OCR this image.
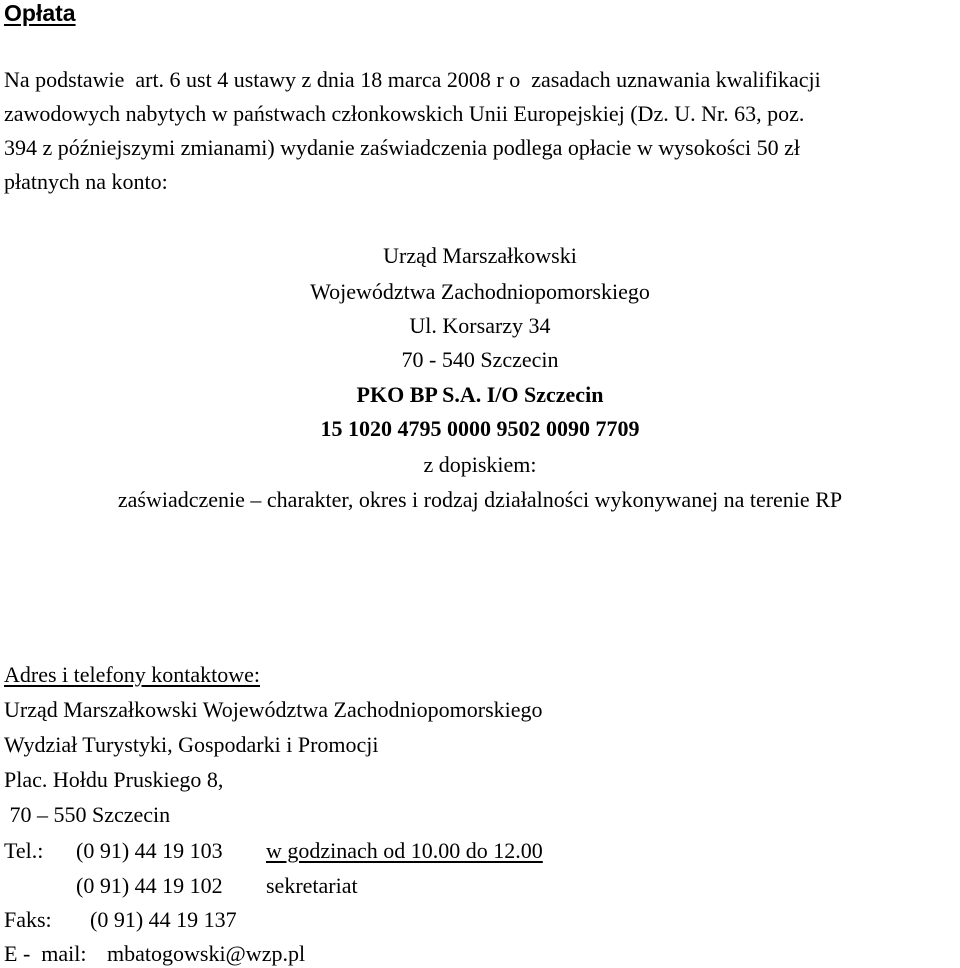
Opłata
Na podstawie  art. 6 ust 4 ustawy z dnia 18 marca 2008 r o  zasadach uznawania kwalifikacji
zawodowych nabytych w państwach członkowskich Unii Europejskiej (Dz. U. Nr. 63, poz.
394 z późniejszymi zmianami) wydanie zaświadczenia podlega opłacie w wysokości 50 zł
płatnych na konto:
Urząd Marszałkowski
Województwa Zachodniopomorskiego
Ul. Korsarzy 34
70 - 540 Szczecin
PKO BP S.A. I/O Szczecin
15 1020 4795 0000 9502 0090 7709
z dopiskiem:
zaświadczenie – charakter, okres i rodzaj działalności wykonywanej na terenie RP
Adres i telefony kontaktowe:
Urząd Marszałkowski Województwa Zachodniopomorskiego
Wydział Turystyki, Gospodarki i Promocji
Plac. Hołdu Pruskiego 8,
70 – 550 Szczecin
Tel.: (0 91) 44 19 103 w godzinach od 10.00 do 12.00
(0 91) 44 19 102 sekretariat
Faks: (0 91) 44 19 137
E -  mail: mbatogowski@wzp.pl
